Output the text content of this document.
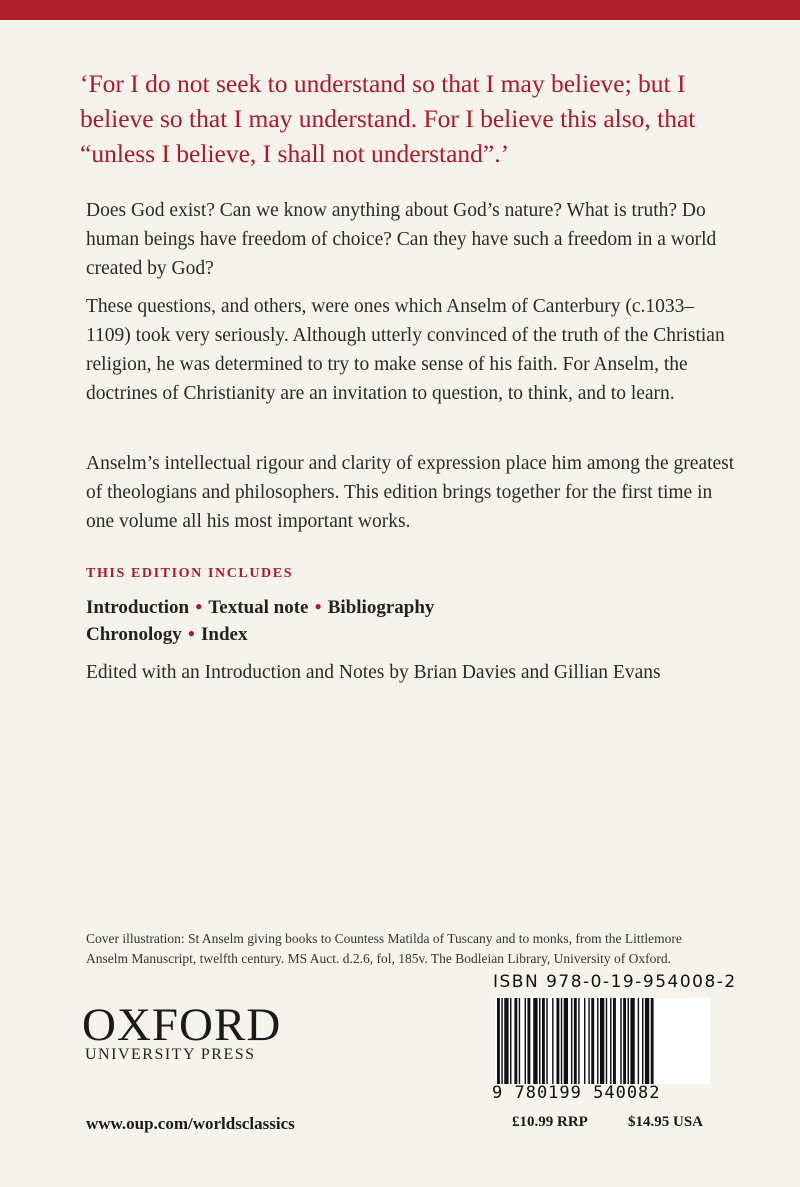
‘For I do not seek to understand so that I may believe; but I believe so that I may understand. For I believe this also, that “unless I believe, I shall not understand”.’

Does God exist? Can we know anything about God’s nature? What is truth? Do human beings have freedom of choice? Can they have such a freedom in a world created by God?

These questions, and others, were ones which Anselm of Canterbury (c.1033–1109) took very seriously. Although utterly convinced of the truth of the Christian religion, he was determined to try to make sense of his faith. For Anselm, the doctrines of Christianity are an invitation to question, to think, and to learn.

Anselm’s intellectual rigour and clarity of expression place him among the greatest of theologians and philosophers. This edition brings together for the first time in one volume all his most important works.

THIS EDITION INCLUDES
Introduction ● Textual note ● Bibliography
Chronology ● Index
Edited with an Introduction and Notes by Brian Davies and Gillian Evans
Cover illustration: St Anselm giving books to Countess Matilda of Tuscany and to monks, from the Littlemore Anselm Manuscript, twelfth century. MS Auct. d.2.6, fol, 185v. The Bodleian Library, University of Oxford.
OXFORD
UNIVERSITY PRESS
www.oup.com/worldsclassics
ISBN 978-0-19-954008-2
9 780199 540082
£10.99 RRP	$14.95 USA
